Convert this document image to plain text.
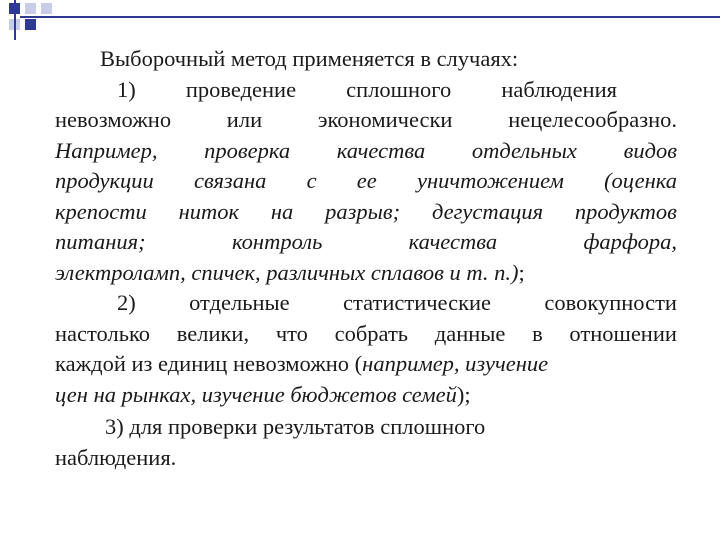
Выборочный метод применяется в случаях:
1) проведение сплошного наблюдения
невозможно или экономически нецелесообразно.
Например, проверка качества отдельных видов
продукции связана с ее уничтожением (оценка
крепости ниток на разрыв; дегустация продуктов
питания;	контроль	качества	фарфора,
электроламп, спичек, различных сплавов и т. п.);
2) отдельные статистические совокупности
настолько велики, что собрать данные в отношении
каждой из единиц невозможно (например, изучение
цен на рынках, изучение бюджетов семей);
3) для проверки результатов сплошного
наблюдения.
